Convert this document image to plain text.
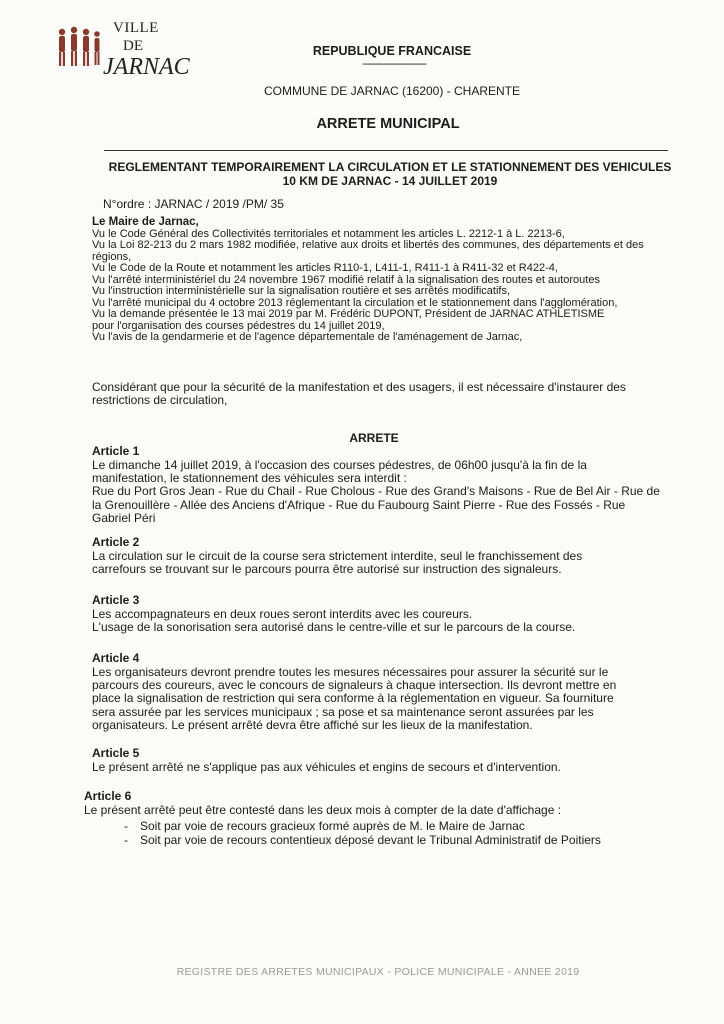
VILLE
DE
JARNAC
REPUBLIQUE FRANCAISE
------------------------
COMMUNE DE JARNAC (16200) - CHARENTE
ARRETE MUNICIPAL
REGLEMENTANT TEMPORAIREMENT LA CIRCULATION ET LE STATIONNEMENT DES VEHICULES
10 KM DE JARNAC - 14 JUILLET 2019
N°ordre : JARNAC / 2019 /PM/ 35

Le Maire de Jarnac,

Vu le Code Général des Collectivités territoriales et notamment les articles L. 2212-1 à L. 2213-6,

Vu la Loi 82-213 du 2 mars 1982 modifiée, relative aux droits et libertés des communes, des départements et des

régions,

Vu le Code de la Route et notamment les articles R110-1, L411-1, R411-1 à R411-32 et R422-4,

Vu l'arrêté interministériel du 24 novembre 1967 modifié relatif à la signalisation des routes et autoroutes

Vu l'instruction interministérielle sur la signalisation routière et ses arrêtés modificatifs,

Vu l'arrêté municipal du 4 octobre 2013 réglementant la circulation et le stationnement dans l'agglomération,

Vu la demande présentée le 13 mai 2019 par M. Frédéric DUPONT, Président de JARNAC ATHLETISME

pour l'organisation des courses pédestres du 14 juillet 2019,

Vu l'avis de la gendarmerie et de l'agence départementale de l'aménagement de Jarnac,

Considérant que pour la sécurité de la manifestation et des usagers, il est nécessaire d'instaurer des

restrictions de circulation,

ARRETE
Article 1

Le dimanche 14 juillet 2019, à l'occasion des courses pédestres, de 06h00 jusqu'à la fin de la

manifestation, le stationnement des véhicules sera interdit :

Rue du Port Gros Jean - Rue du Chail - Rue Cholous - Rue des Grand's Maisons - Rue de Bel Air - Rue de

la Grenouillère - Allée des Anciens d'Afrique - Rue du Faubourg Saint Pierre - Rue des Fossés - Rue

Gabriel Péri

Article 2

La circulation sur le circuit de la course sera strictement interdite, seul le franchissement des

carrefours se trouvant sur le parcours pourra être autorisé sur instruction des signaleurs.

Article 3

Les accompagnateurs en deux roues seront interdits avec les coureurs.

L'usage de la sonorisation sera autorisé dans le centre-ville et sur le parcours de la course.

Article 4

Les organisateurs devront prendre toutes les mesures nécessaires pour assurer la sécurité sur le

parcours des coureurs, avec le concours de signaleurs à chaque intersection. Ils devront mettre en

place la signalisation de restriction qui sera conforme à la réglementation en vigueur. Sa fourniture

sera assurée par les services municipaux ; sa pose et sa maintenance seront assurées par les

organisateurs. Le présent arrêté devra être affiché sur les lieux de la manifestation.

Article 5

Le présent arrêté ne s'applique pas aux véhicules et engins de secours et d'intervention.

Article 6

Le présent arrêté peut être contesté dans les deux mois à compter de la date d'affichage :

- Soit par voie de recours gracieux formé auprès de M. le Maire de Jarnac
- Soit par voie de recours contentieux déposé devant le Tribunal Administratif de Poitiers
REGISTRE DES ARRETES MUNICIPAUX - POLICE MUNICIPALE - ANNEE 2019
